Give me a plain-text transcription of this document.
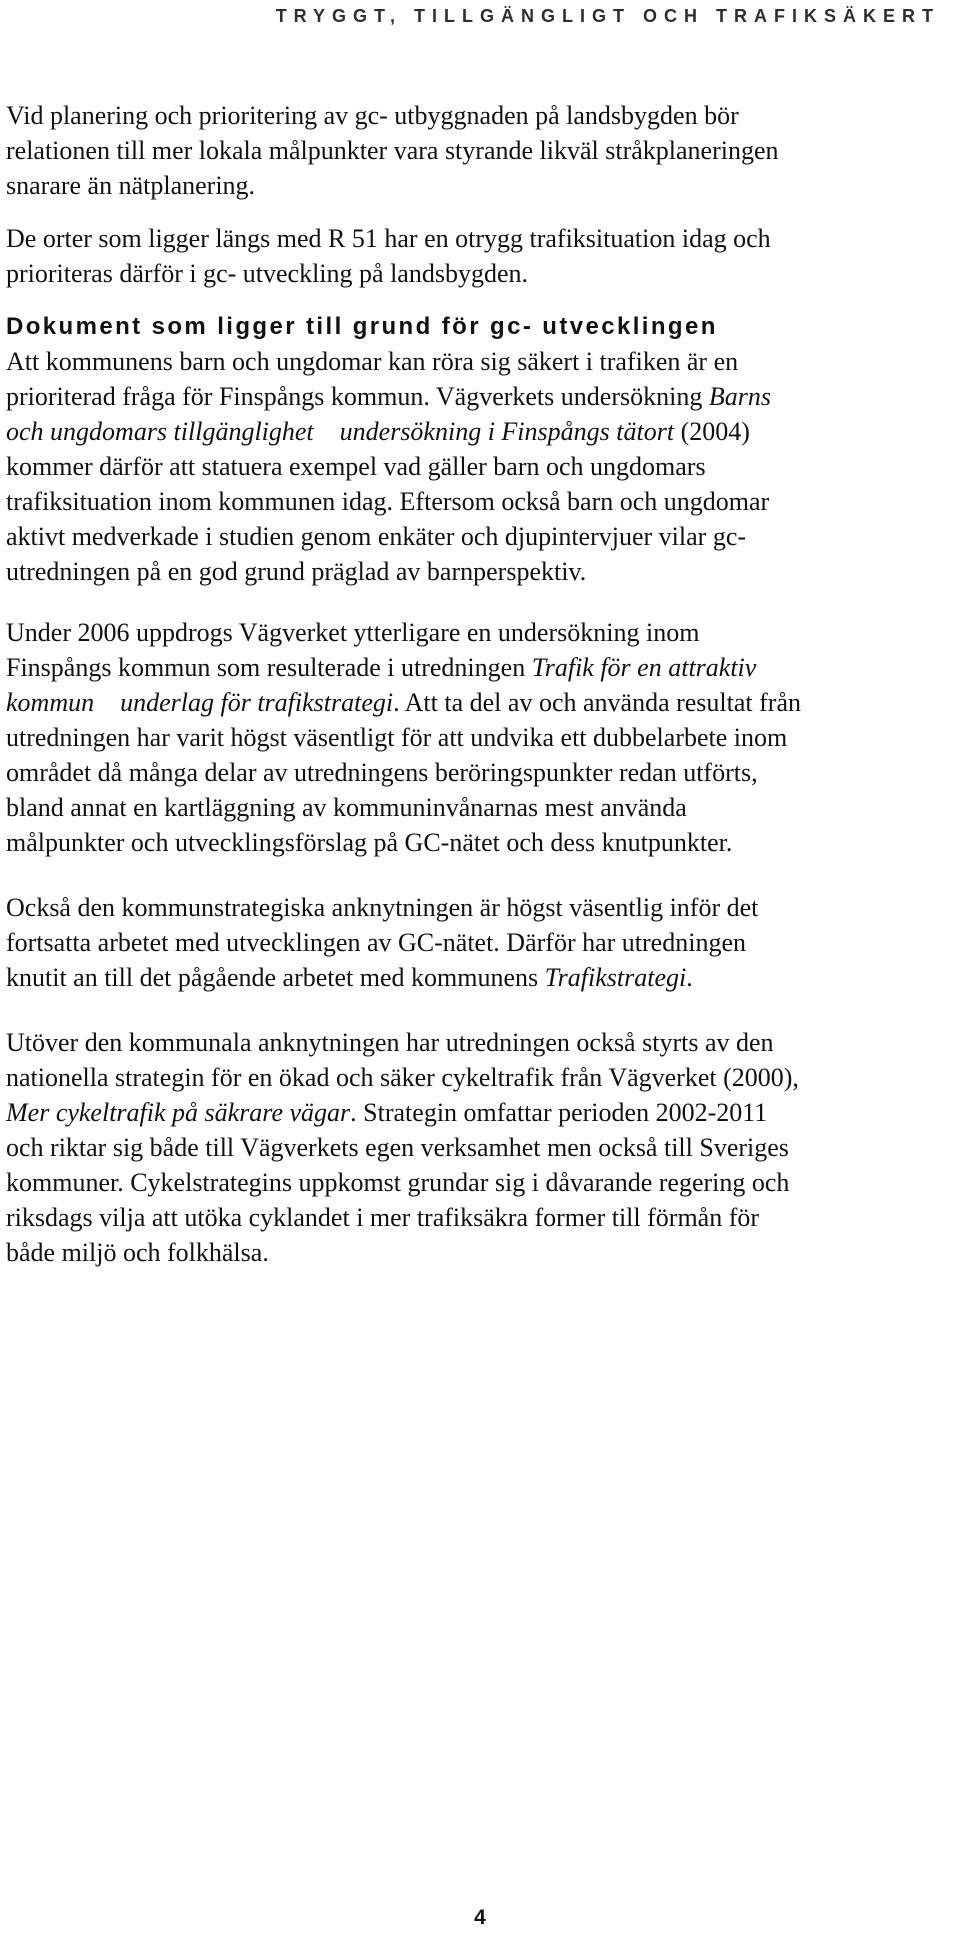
TRYGGT, TILLGÄNGLIGT OCH TRAFIKSÄKERT

Vid planering och prioritering av gc- utbyggnaden på landsbygden bör
relationen till mer lokala målpunkter vara styrande likväl stråkplaneringen
snarare än nätplanering.

De orter som ligger längs med R 51 har en otrygg trafiksituation idag och
prioriteras därför i gc- utveckling på landsbygden.

Dokument som ligger till grund för gc- utvecklingen

Att kommunens barn och ungdomar kan röra sig säkert i trafiken är en
prioriterad fråga för Finspångs kommun. Vägverkets undersökning Barns
och ungdomars tillgänglighet    undersökning i Finspångs tätort (2004)
kommer därför att statuera exempel vad gäller barn och ungdomars
trafiksituation inom kommunen idag. Eftersom också barn och ungdomar
aktivt medverkade i studien genom enkäter och djupintervjuer vilar gc-
utredningen på en god grund präglad av barnperspektiv.

Under 2006 uppdrogs Vägverket ytterligare en undersökning inom
Finspångs kommun som resulterade i utredningen Trafik för en attraktiv
kommun    underlag för trafikstrategi. Att ta del av och använda resultat från
utredningen har varit högst väsentligt för att undvika ett dubbelarbete inom
området då många delar av utredningens beröringspunkter redan utförts,
bland annat en kartläggning av kommuninvånarnas mest använda
målpunkter och utvecklingsförslag på GC-nätet och dess knutpunkter.

Också den kommunstrategiska anknytningen är högst väsentlig inför det
fortsatta arbetet med utvecklingen av GC-nätet. Därför har utredningen
knutit an till det pågående arbetet med kommunens Trafikstrategi.

Utöver den kommunala anknytningen har utredningen också styrts av den
nationella strategin för en ökad och säker cykeltrafik från Vägverket (2000),
Mer cykeltrafik på säkrare vägar. Strategin omfattar perioden 2002-2011
och riktar sig både till Vägverkets egen verksamhet men också till Sveriges
kommuner. Cykelstrategins uppkomst grundar sig i dåvarande regering och
riksdags vilja att utöka cyklandet i mer trafiksäkra former till förmån för
både miljö och folkhälsa.

4
